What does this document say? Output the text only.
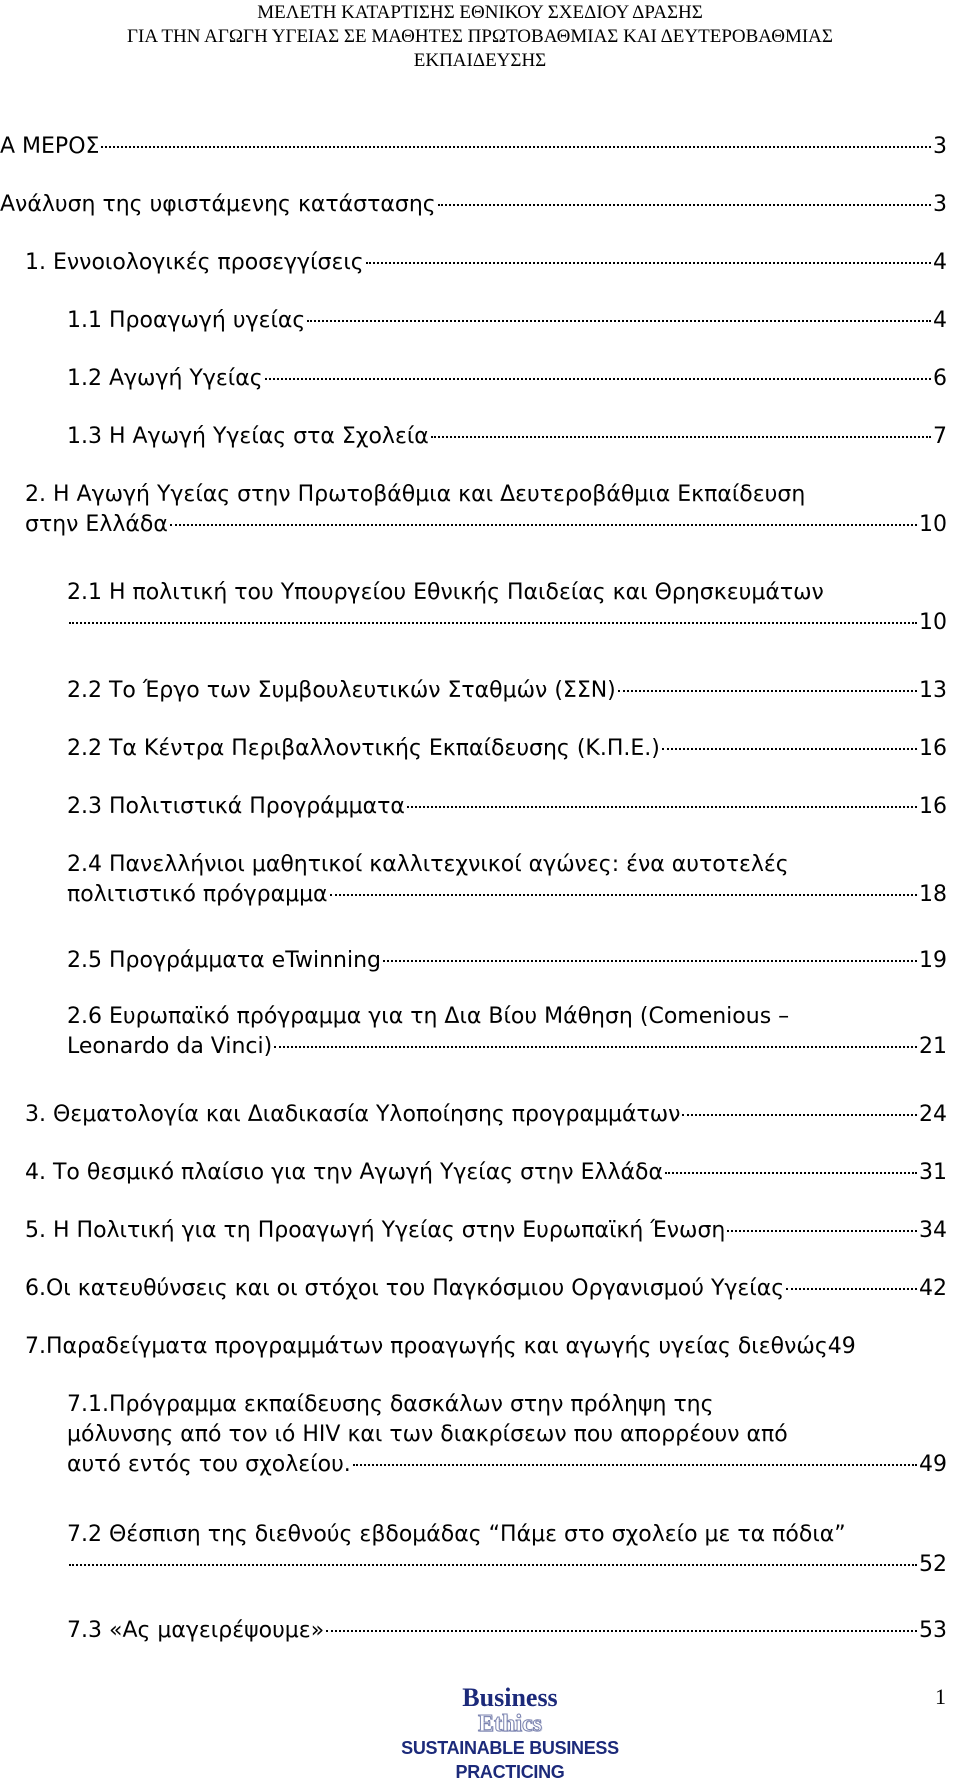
ΜΕΛΕΤΗ ΚΑΤΑΡΤΙΣΗΣ ΕΘΝΙΚΟΥ ΣΧΕΔΙΟΥ ΔΡΑΣΗΣ
ΓΙΑ ΤΗΝ ΑΓΩΓΗ ΥΓΕΙΑΣ ΣΕ ΜΑΘΗΤΕΣ ΠΡΩΤΟΒΑΘΜΙΑΣ ΚΑΙ ΔΕΥΤΕΡΟΒΑΘΜΙΑΣ
ΕΚΠΑΙΔΕΥΣΗΣ
Α ΜΕΡΟΣ	3
Ανάλυση της υφιστάμενης κατάστασης	3
1. Εννοιολογικές προσεγγίσεις	4
1.1 Προαγωγή υγείας	4
1.2 Αγωγή Υγείας	6
1.3 Η Αγωγή Υγείας στα Σχολεία	7
2. Η Αγωγή Υγείας στην Πρωτοβάθμια και Δευτεροβάθμια Εκπαίδευση
στην Ελλάδα	10
2.1 Η πολιτική του Υπουργείου Εθνικής Παιδείας και Θρησκευμάτων
10
2.2 Το Έργο των Συμβουλευτικών Σταθμών (ΣΣΝ)	13
2.2 Τα Κέντρα Περιβαλλοντικής Εκπαίδευσης (Κ.Π.Ε.)	16
2.3 Πολιτιστικά Προγράμματα	16
2.4 Πανελλήνιοι μαθητικοί καλλιτεχνικοί αγώνες: ένα αυτοτελές
πολιτιστικό πρόγραμμα	18
2.5 Προγράμματα eTwinning	19
2.6 Ευρωπαϊκό πρόγραμμα για τη Δια Βίου Μάθηση (Comenious –
Leonardo da Vinci)	21
3. Θεματολογία και Διαδικασία Υλοποίησης προγραμμάτων	24
4. Το θεσμικό πλαίσιο για την Αγωγή Υγείας στην Ελλάδα	31
5. Η Πολιτική για τη Προαγωγή Υγείας στην Ευρωπαϊκή Ένωση	34
6.Οι κατευθύνσεις και οι στόχοι του Παγκόσμιου Οργανισμού Υγείας	42
7.Παραδείγματα προγραμμάτων προαγωγής και αγωγής υγείας διεθνώς 49
7.1.Πρόγραμμα εκπαίδευσης δασκάλων στην πρόληψη της
μόλυνσης από τον ιό HIV και των διακρίσεων που απορρέουν από
αυτό εντός του σχολείου.	49
7.2 Θέσπιση της διεθνούς εβδομάδας “Πάμε στο σχολείο με τα πόδια”
52
7.3 «Ας μαγειρέψουμε»	53
Business
Ethics
SUSTAINABLE BUSINESS PRACTICING
1
